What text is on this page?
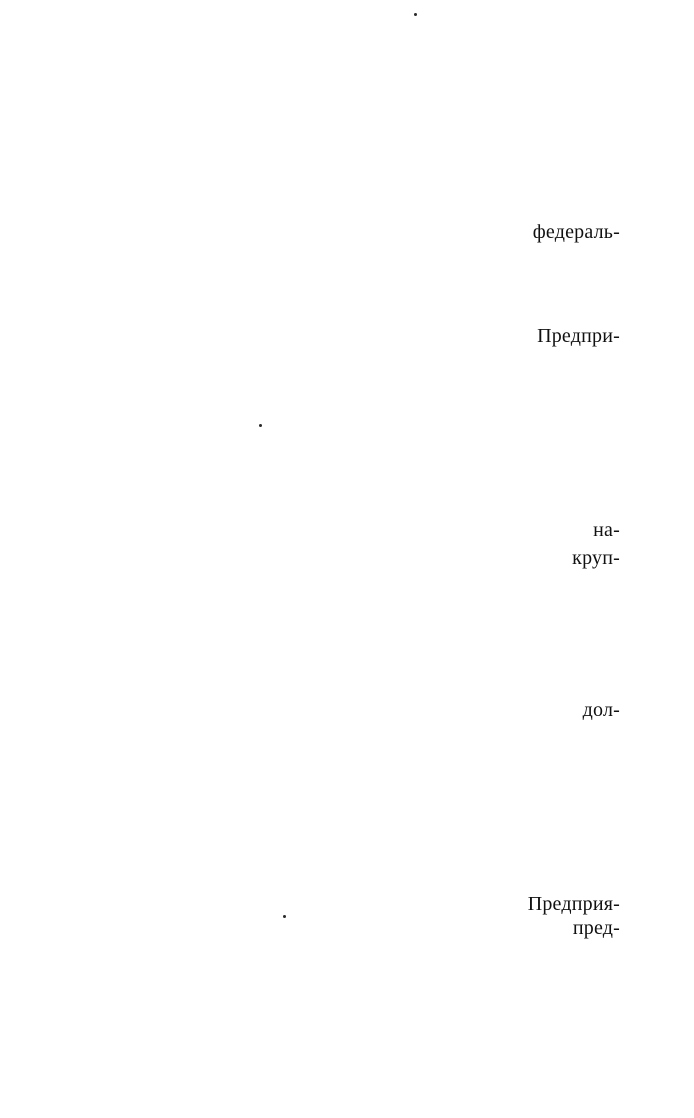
федераль-
Предпри-
на-
круп-
дол-
Предприя-
пред-
